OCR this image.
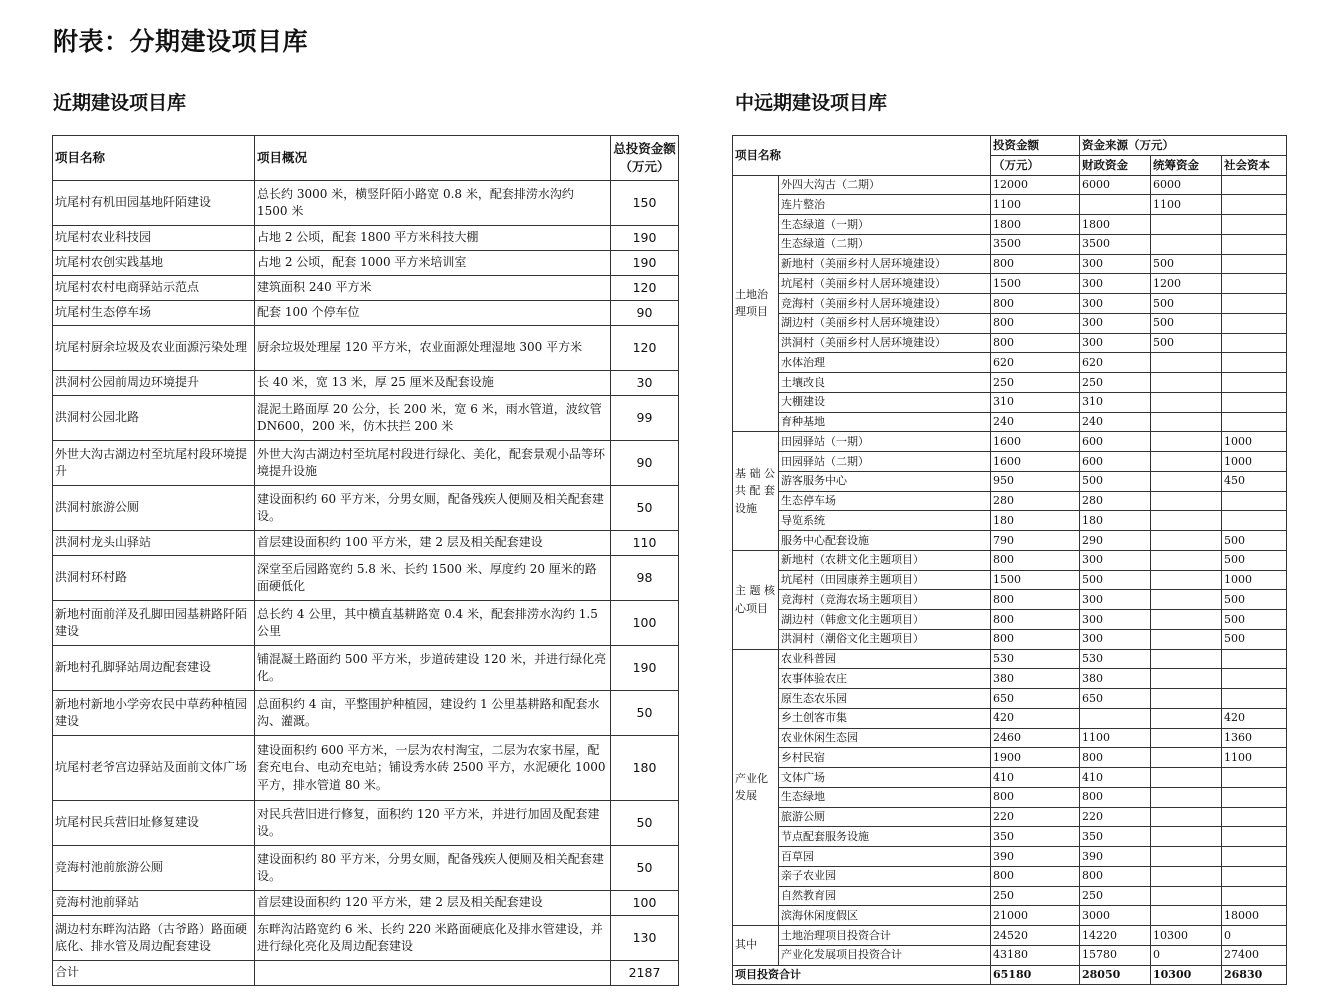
附表：分期建设项目库
近期建设项目库	中远期建设项目库
项目名称	项目概况	总投资金额
（万元）
坑尾村有机田园基地阡陌建设	总长约 3000 米，横竖阡陌小路宽 0.8 米，配套排涝水沟约 1500 米	150
坑尾村农业科技园	占地 2 公顷，配套 1800 平方米科技大棚	190
坑尾村农创实践基地	占地 2 公顷，配套 1000 平方米培训室	190
坑尾村农村电商驿站示范点	建筑面积 240 平方米	120
坑尾村生态停车场	配套 100 个停车位	90
坑尾村厨余垃圾及农业面源污染处理	厨余垃圾处理屋 120 平方米，农业面源处理湿地 300 平方米	120
洪洞村公园前周边环境提升	长 40 米，宽 13 米，厚 25 厘米及配套设施	30
洪洞村公园北路	混泥土路面厚 20 公分，长 200 米，宽 6 米，雨水管道，波纹管 DN600，200 米，仿木扶拦 200 米	99
外世大沟古湖边村至坑尾村段环境提升	外世大沟古湖边村至坑尾村段进行绿化、美化，配套景观小品等环境提升设施	90
洪洞村旅游公厕	建设面积约 60 平方米，分男女厕，配备残疾人便厕及相关配套建设。	50
洪洞村龙头山驿站	首层建设面积约 100 平方米，建 2 层及相关配套建设	110
洪洞村环村路	深堂至后园路宽约 5.8 米、长约 1500 米、厚度约 20 厘米的路面硬低化	98
新地村面前洋及孔脚田园基耕路阡陌建设	总长约 4 公里，其中横直基耕路宽 0.4 米，配套排涝水沟约 1.5 公里	100
新地村孔脚驿站周边配套建设	铺混凝土路面约 500 平方米，步道砖建设 120 米，并进行绿化亮化。	190
新地村新地小学旁农民中草药种植园建设	总面积约 4 亩，平整围护种植园，建设约 1 公里基耕路和配套水沟、灌溉。	50
坑尾村老爷宫边驿站及面前文体广场	建设面积约 600 平方米，一层为农村淘宝，二层为农家书屋，配套充电台、电动充电站；铺设秀水砖 2500 平方，水泥硬化 1000 平方，排水管道 80 米。	180
坑尾村民兵营旧址修复建设	对民兵营旧进行修复，面积约 120 平方米，并进行加固及配套建设。	50
竞海村池前旅游公厕	建设面积约 80 平方米，分男女厕，配备残疾人便厕及相关配套建设。	50
竞海村池前驿站	首层建设面积约 120 平方米，建 2 层及相关配套建设	100
湖边村东畔沟沽路（古爷路）路面硬底化、排水管及周边配套建设	东畔沟沽路宽约 6 米、长约 220 米路面硬底化及排水管建设，并进行绿化亮化及周边配套建设	130
合计		2187
项目名称		投资金额	资金来源（万元）		
		（万元）	财政资金	统筹资金	社会资本
土地治理项目	外四大沟古（二期）	12000	6000	6000	
	连片整治	1100		1100	
	生态绿道（一期）	1800	1800		
	生态绿道（二期）	3500	3500		
	新地村（美丽乡村人居环境建设）	800	300	500	
	坑尾村（美丽乡村人居环境建设）	1500	300	1200	
	竞海村（美丽乡村人居环境建设）	800	300	500	
	湖边村（美丽乡村人居环境建设）	800	300	500	
	洪洞村（美丽乡村人居环境建设）	800	300	500	
	水体治理	620	620		
	土壤改良	250	250		
	大棚建设	310	310		
	育种基地	240	240		
基 础 公共 配 套设施	田园驿站（一期）	1600	600		1000
	田园驿站（二期）	1600	600		1000
	游客服务中心	950	500		450
	生态停车场	280	280		
	导览系统	180	180		
	服务中心配套设施	790	290		500
主 题 核心项目	新地村（农耕文化主题项目）	800	300		500
	坑尾村（田园康养主题项目）	1500	500		1000
	竞海村（竞海农场主题项目）	800	300		500
	湖边村（韩愈文化主题项目）	800	300		500
	洪洞村（潮俗文化主题项目）	800	300		500
产业化发展	农业科普园	530	530		
	农事体验农庄	380	380		
	原生态农乐园	650	650		
	乡土创客市集	420			420
	农业休闲生态园	2460	1100		1360
	乡村民宿	1900	800		1100
	文体广场	410	410		
	生态绿地	800	800		
	旅游公厕	220	220		
	节点配套服务设施	350	350		
	百草园	390	390		
	亲子农业园	800	800		
	自然教育园	250	250		
	滨海休闲度假区	21000	3000		18000
其中	土地治理项目投资合计	24520	14220	10300	0
	产业化发展项目投资合计	43180	15780	0	27400
项目投资合计		65180	28050	10300	26830
